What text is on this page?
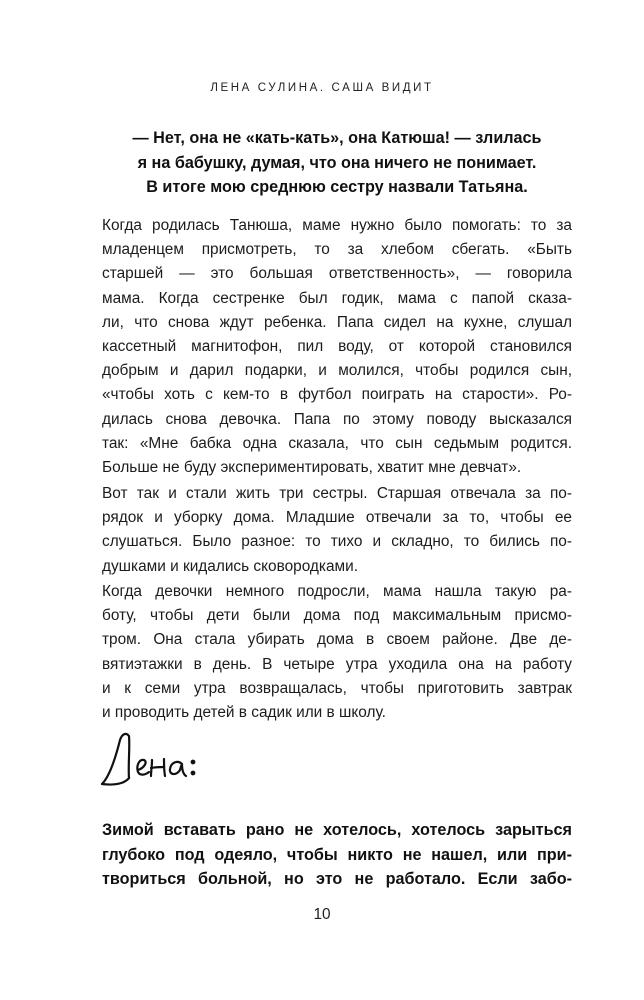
ЛЕНА СУЛИНА. САША ВИДИТ
— Нет, она не «кать-кать», она Катюша! — злилась
я на бабушку, думая, что она ничего не понимает.
В итоге мою среднюю сестру назвали Татьяна.
Когда родилась Танюша, маме нужно было помогать: то за
младенцем присмотреть, то за хлебом сбегать. «Быть
старшей — это большая ответственность», — говорила
мама. Когда сестренке был годик, мама с папой сказа-
ли, что снова ждут ребенка. Папа сидел на кухне, слушал
кассетный магнитофон, пил воду, от которой становился
добрым и дарил подарки, и молился, чтобы родился сын,
«чтобы хоть с кем-то в футбол поиграть на старости». Ро-
дилась снова девочка. Папа по этому поводу высказался
так: «Мне бабка одна сказала, что сын седьмым родится.
Больше не буду экспериментировать, хватит мне девчат».
Вот так и стали жить три сестры. Старшая отвечала за по-
рядок и уборку дома. Младшие отвечали за то, чтобы ее
слушаться. Было разное: то тихо и складно, то бились по-
душками и кидались сковородками.
Когда девочки немного подросли, мама нашла такую ра-
боту, чтобы дети были дома под максимальным присмо-
тром. Она стала убирать дома в своем районе. Две де-
вятиэтажки в день. В четыре утра уходила она на работу
и к семи утра возвращалась, чтобы приготовить завтрак
и проводить детей в садик или в школу.
Зимой вставать рано не хотелось, хотелось зарыться
глубоко под одеяло, чтобы никто не нашел, или при-
твориться больной, но это не работало. Если забо-
10
